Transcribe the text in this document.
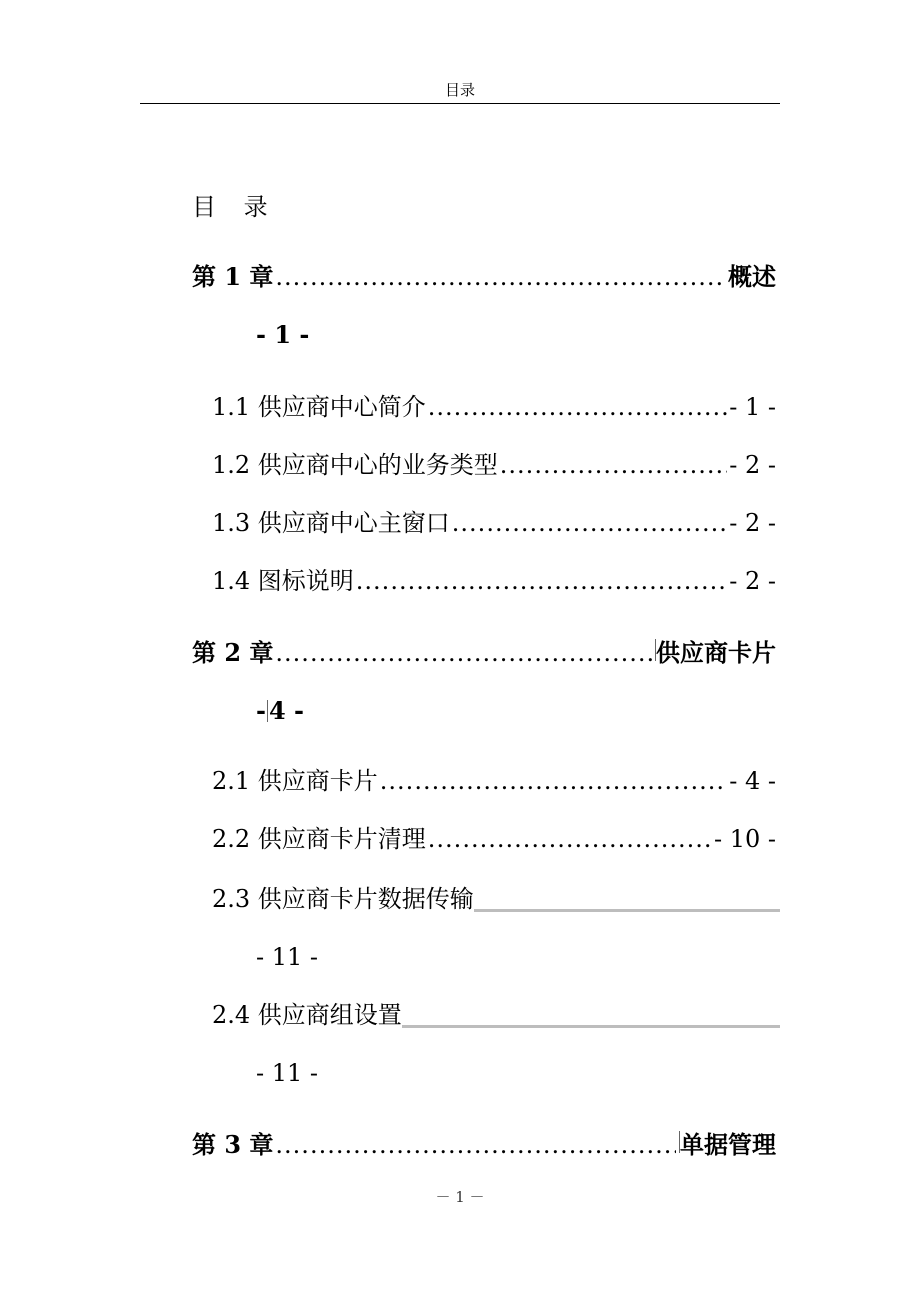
目录
目 录
第 1 章 .....	概述
- 1 -
1.1 供应商中心简介 .....	- 1 -
1.2 供应商中心的业务类型 .....	- 2 -
1.3 供应商中心主窗口 .....	- 2 -
1.4 图标说明 .....	- 2 -
第 2 章 .....	供应商卡片
- 4 -
2.1 供应商卡片 .....	- 4 -
2.2 供应商卡片清理 .....	- 10 -
2.3 供应商卡片数据传输
- 11 -
2.4 供应商组设置
- 11 -
第 3 章 .....	单据管理
－ 1 －
